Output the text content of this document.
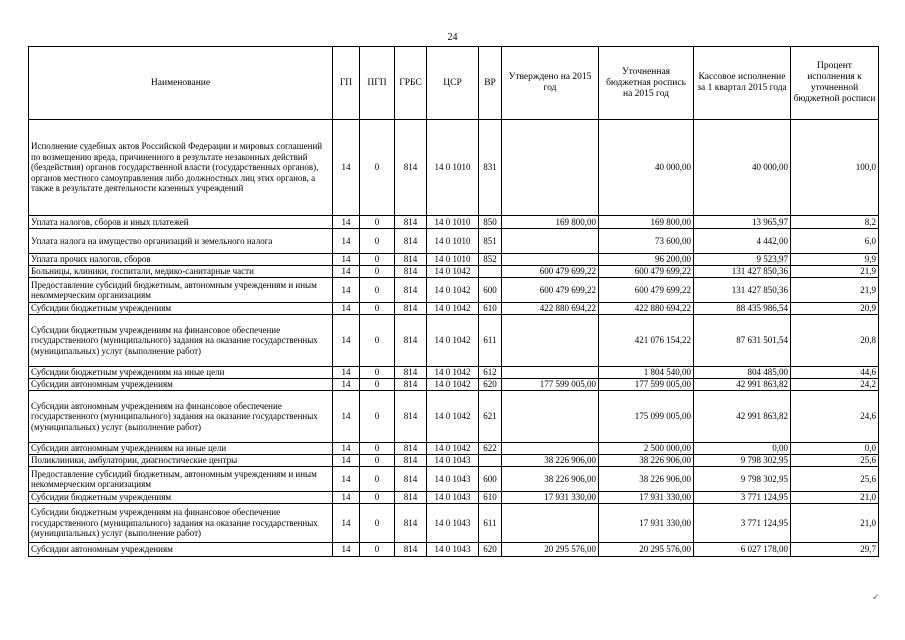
24
Наименование	ГП	ПГП	ГРБС	ЦСР	ВР	Утверждено на 2015 год	Уточненная бюджетная роспись на 2015 год	Кассовое исполнение за 1 квартал 2015 года	Процент исполнения к уточненной бюджетной росписи
Исполнение судебных актов Российской Федерации и мировых соглашений по возмещению вреда, причиненного в результате незаконных действий (бездействия) органов государственной власти (государственных органов), органов местного самоуправления либо должностных лиц этих органов, а также в результате деятельности казенных учреждений	14	0	814	14 0 1010	831		40 000,00	40 000,00	100,0
Уплата налогов, сборов и иных платежей	14	0	814	14 0 1010	850	169 800,00	169 800,00	13 965,97	8,2
Уплата налога на имущество организаций и земельного налога	14	0	814	14 0 1010	851		73 600,00	4 442,00	6,0
Уплата прочих налогов, сборов	14	0	814	14 0 1010	852		96 200,00	9 523,97	9,9
Больницы, клиники, госпитали, медико-санитарные части	14	0	814	14 0 1042		600 479 699,22	600 479 699,22	131 427 850,36	21,9
Предоставление субсидий бюджетным, автономным учреждениям и иным некоммерческим организациям	14	0	814	14 0 1042	600	600 479 699,22	600 479 699,22	131 427 850,36	21,9
Субсидии бюджетным учреждениям	14	0	814	14 0 1042	610	422 880 694,22	422 880 694,22	88 435 986,54	20,9
Субсидии бюджетным учреждениям на финансовое обеспечение государственного (муниципального) задания на оказание государственных (муниципальных) услуг (выполнение работ)	14	0	814	14 0 1042	611		421 076 154,22	87 631 501,54	20,8
Субсидии бюджетным учреждениям на иные цели	14	0	814	14 0 1042	612		1 804 540,00	804 485,00	44,6
Субсидии автономным учреждениям	14	0	814	14 0 1042	620	177 599 005,00	177 599 005,00	42 991 863,82	24,2
Субсидии автономным учреждениям на финансовое обеспечение государственного (муниципального) задания на оказание государственных (муниципальных) услуг (выполнение работ)	14	0	814	14 0 1042	621		175 099 005,00	42 991 863,82	24,6
Субсидии автономным учреждениям на иные цели	14	0	814	14 0 1042	622		2 500 000,00	0,00	0,0
Поликлиники, амбулатории, диагностические центры	14	0	814	14 0 1043		38 226 906,00	38 226 906,00	9 798 302,95	25,6
Предоставление субсидий бюджетным, автономным учреждениям и иным некоммерческим организациям	14	0	814	14 0 1043	600	38 226 906,00	38 226 906,00	9 798 302,95	25,6
Субсидии бюджетным учреждениям	14	0	814	14 0 1043	610	17 931 330,00	17 931 330,00	3 771 124,95	21,0
Субсидии бюджетным учреждениям на финансовое обеспечение государственного (муниципального) задания на оказание государственных (муниципальных) услуг (выполнение работ)	14	0	814	14 0 1043	611		17 931 330,00	3 771 124,95	21,0
Субсидии автономным учреждениям	14	0	814	14 0 1043	620	20 295 576,00	20 295 576,00	6 027 178,00	29,7
✓
